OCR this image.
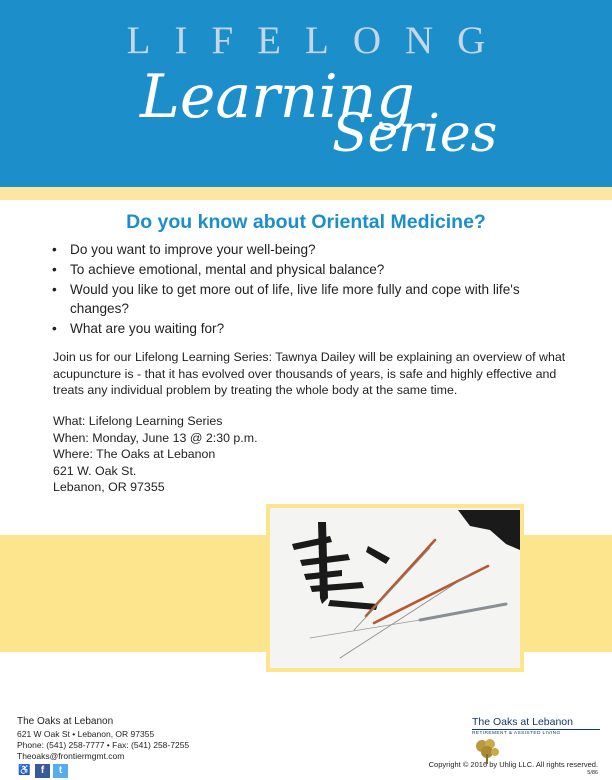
LIFELONG
Learning
Series
Do you know about Oriental Medicine?
• Do you want to improve your well-being?
• To achieve emotional, mental and physical balance?
• Would you like to get more out of life, live life more fully and cope with life's changes?
• What are you waiting for?

Join us for our Lifelong Learning Series: Tawnya Dailey will be explaining an overview of what acupuncture is - that it has evolved over thousands of years, is safe and highly effective and treats any individual problem by treating the whole body at the same time.

What: Lifelong Learning Series
When: Monday, June 13 @ 2:30 p.m.
Where: The Oaks at Lebanon
621 W. Oak St.
Lebanon, OR 97355
The Oaks at Lebanon
621 W Oak St • Lebanon, OR 97355
Phone: (541) 258-7777 • Fax: (541) 258-7255
Theoaks@frontiermgmt.com
♿	f	t
The Oaks at Lebanon
RETIREMENT & ASSISTED LIVING
Copyright © 2016 by Uhlig LLC. All rights reserved.
5/86
